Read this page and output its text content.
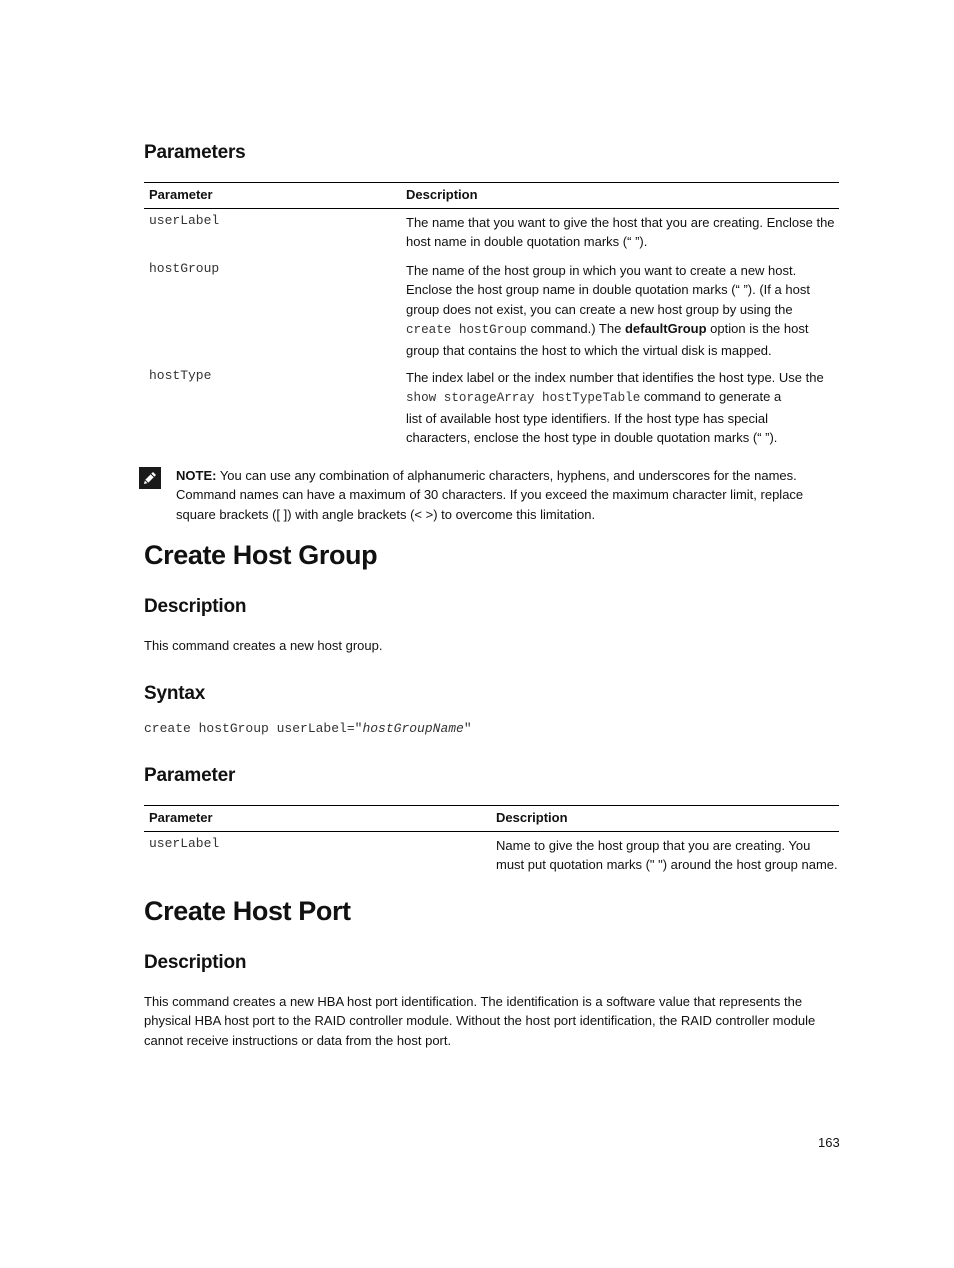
Parameters
Parameter	Description
userLabel	The name that you want to give the host that you are creating. Enclose the
host name in double quotation marks (“ ”).
hostGroup	The name of the host group in which you want to create a new host.
Enclose the host group name in double quotation marks (“ ”). (If a host
group does not exist, you can create a new host group by using the
create hostGroup command.) The defaultGroup option is the host
group that contains the host to which the virtual disk is mapped.
hostType	The index label or the index number that identifies the host type. Use the
show storageArray hostTypeTable command to generate a
list of available host type identifiers. If the host type has special
characters, enclose the host type in double quotation marks (“ ”).
NOTE: You can use any combination of alphanumeric characters, hyphens, and underscores for the names.
Command names can have a maximum of 30 characters. If you exceed the maximum character limit, replace
square brackets ([ ]) with angle brackets (< >) to overcome this limitation.
Create Host Group
Description
This command creates a new host group.
Syntax
create hostGroup userLabel="hostGroupName"
Parameter
Parameter	Description
userLabel	Name to give the host group that you are creating. You
must put quotation marks (" ") around the host group name.
Create Host Port
Description
This command creates a new HBA host port identification. The identification is a software value that represents the
physical HBA host port to the RAID controller module. Without the host port identification, the RAID controller module
cannot receive instructions or data from the host port.
163
